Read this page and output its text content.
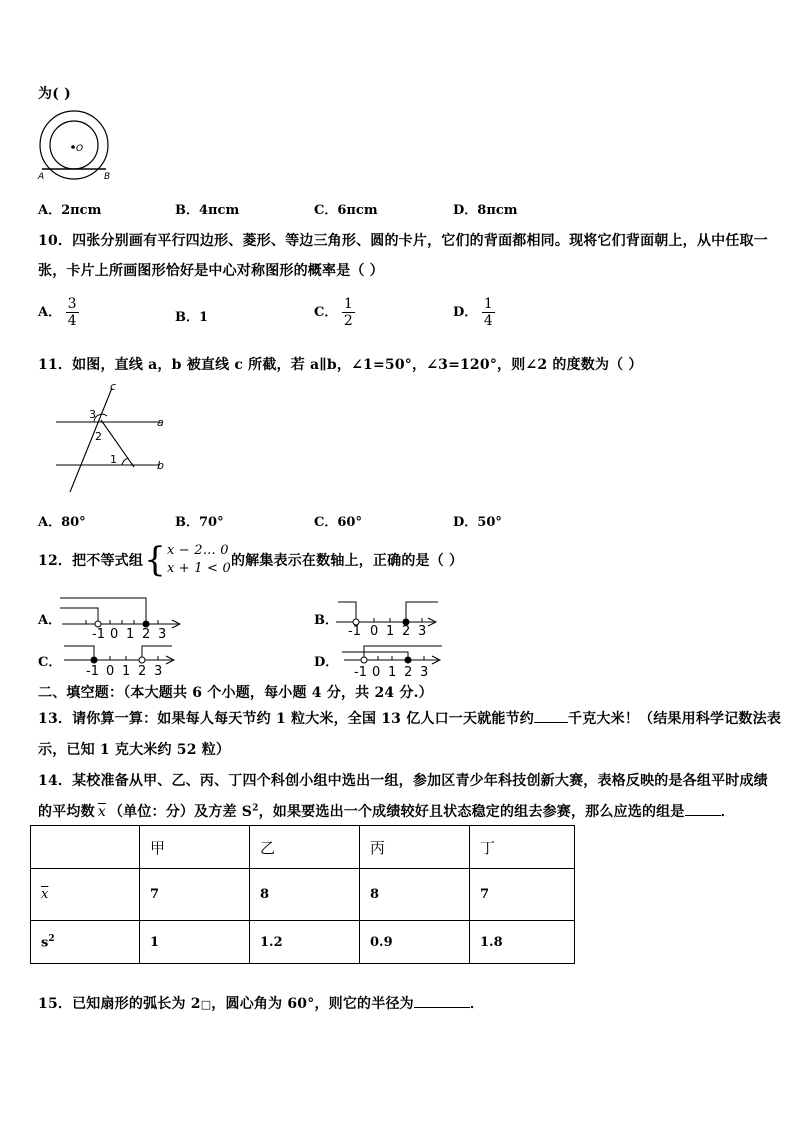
为( )
O
A	B
A．2πcm	B．4πcm	C．6πcm	D．8πcm
10．四张分别画有平行四边形、菱形、等边三角形、圆的卡片，它们的背面都相同。现将它们背面朝上，从中任取一
张，卡片上所画图形恰好是中心对称图形的概率是（ ）
A． $\frac{3}{4}$	B．1	C． $\frac{1}{2}$	D． $\frac{1}{4}$
11．如图，直线 a，b 被直线 c 所截，若 a∥b，∠1=50°，∠3=120°，则∠2 的度数为（ ）
c
a
b
3
2
1
A．80°	B．70°	C．60°	D．50°
12．把不等式组 { x − 2… 0
x + 1 < 0 的解集表示在数轴上，正确的是（ ）
A．
-1 0 1 2 3
B．
-1 0 1 2 3
C．
-1 0 1 2 3
D．
-1 0 1 2 3
二、填空题：（本大题共 6 个小题，每小题 4 分，共 24 分.）
13．请你算一算：如果每人每天节约 1 粒大米，全国 13 亿人口一天就能节约 千克大米！（结果用科学记数法表
示，已知 1 克大米约 52 粒）
14．某校准备从甲、乙、丙、丁四个科创小组中选出一组，参加区青少年科技创新大赛，表格反映的是各组平时成绩
的平均数 $\overline{x}$ （单位：分）及方差 $S^2$，如果要选出一个成绩较好且状态稳定的组去参赛，那么应选的组是	．
	甲	乙	丙	丁
$\overline{x}$	7	8	8	7
$s^2$	1	1.2	0.9	1.8
15．已知扇形的弧长为 2□，圆心角为 60°，则它的半径为	．
